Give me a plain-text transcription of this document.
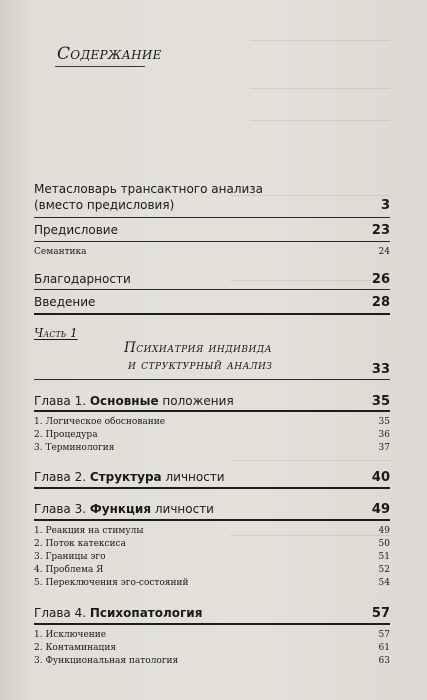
Содержание
Метасловарь трансактного анализа
(вместо предисловия)	3
Предисловие	23
Семантика	24
Благодарности	26
Введение	28
Часть 1
Психиатрия индивида
и структурный анализ	33
Глава 1. Основные положения	35
1. Логическое обоснование	35
2. Процедура	36
3. Терминология	37
Глава 2. Структура личности	40
Глава 3. Функция личности	49
1. Реакция на стимулы	49
2. Поток катексиса	50
3. Границы эго	51
4. Проблема Я	52
5. Переключения эго-состояний	54
Глава 4. Психопатология	57
1. Исключение	57
2. Контаминация	61
3. Функциональная патология	63
